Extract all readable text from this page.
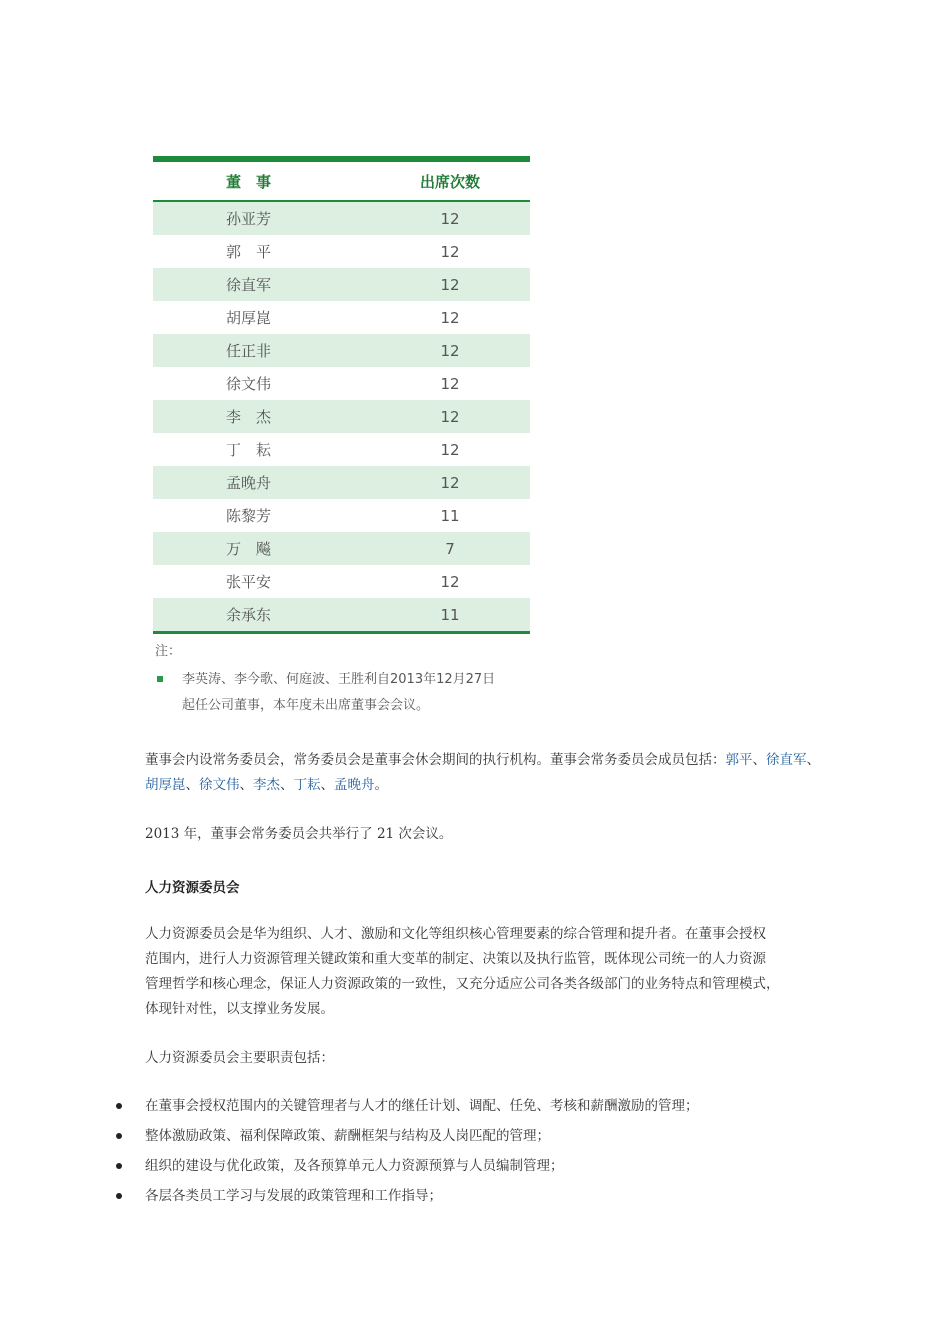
董　事	出席次数
孙亚芳	12
郭　平	12
徐直军	12
胡厚崑	12
任正非	12
徐文伟	12
李　杰	12
丁　耘	12
孟晚舟	12
陈黎芳	11
万　飚	7
张平安	12
余承东	11

注：
李英涛、李今歌、何庭波、王胜利自2013年12月27日
起任公司董事，本年度未出席董事会会议。
董事会内设常务委员会，常务委员会是董事会休会期间的执行机构。董事会常务委员会成员包括：郭平、徐直军、胡厚崑、徐文伟、李杰、丁耘、孟晚舟。
2013 年，董事会常务委员会共举行了 21 次会议。
人力资源委员会
人力资源委员会是华为组织、人才、激励和文化等组织核心管理要素的综合管理和提升者。在董事会授权
范围内，进行人力资源管理关键政策和重大变革的制定、决策以及执行监管，既体现公司统一的人力资源
管理哲学和核心理念，保证人力资源政策的一致性，又充分适应公司各类各级部门的业务特点和管理模式，
体现针对性，以支撑业务发展。
人力资源委员会主要职责包括：
在董事会授权范围内的关键管理者与人才的继任计划、调配、任免、考核和薪酬激励的管理；
整体激励政策、福利保障政策、薪酬框架与结构及人岗匹配的管理；
组织的建设与优化政策，及各预算单元人力资源预算与人员编制管理；
各层各类员工学习与发展的政策管理和工作指导；
